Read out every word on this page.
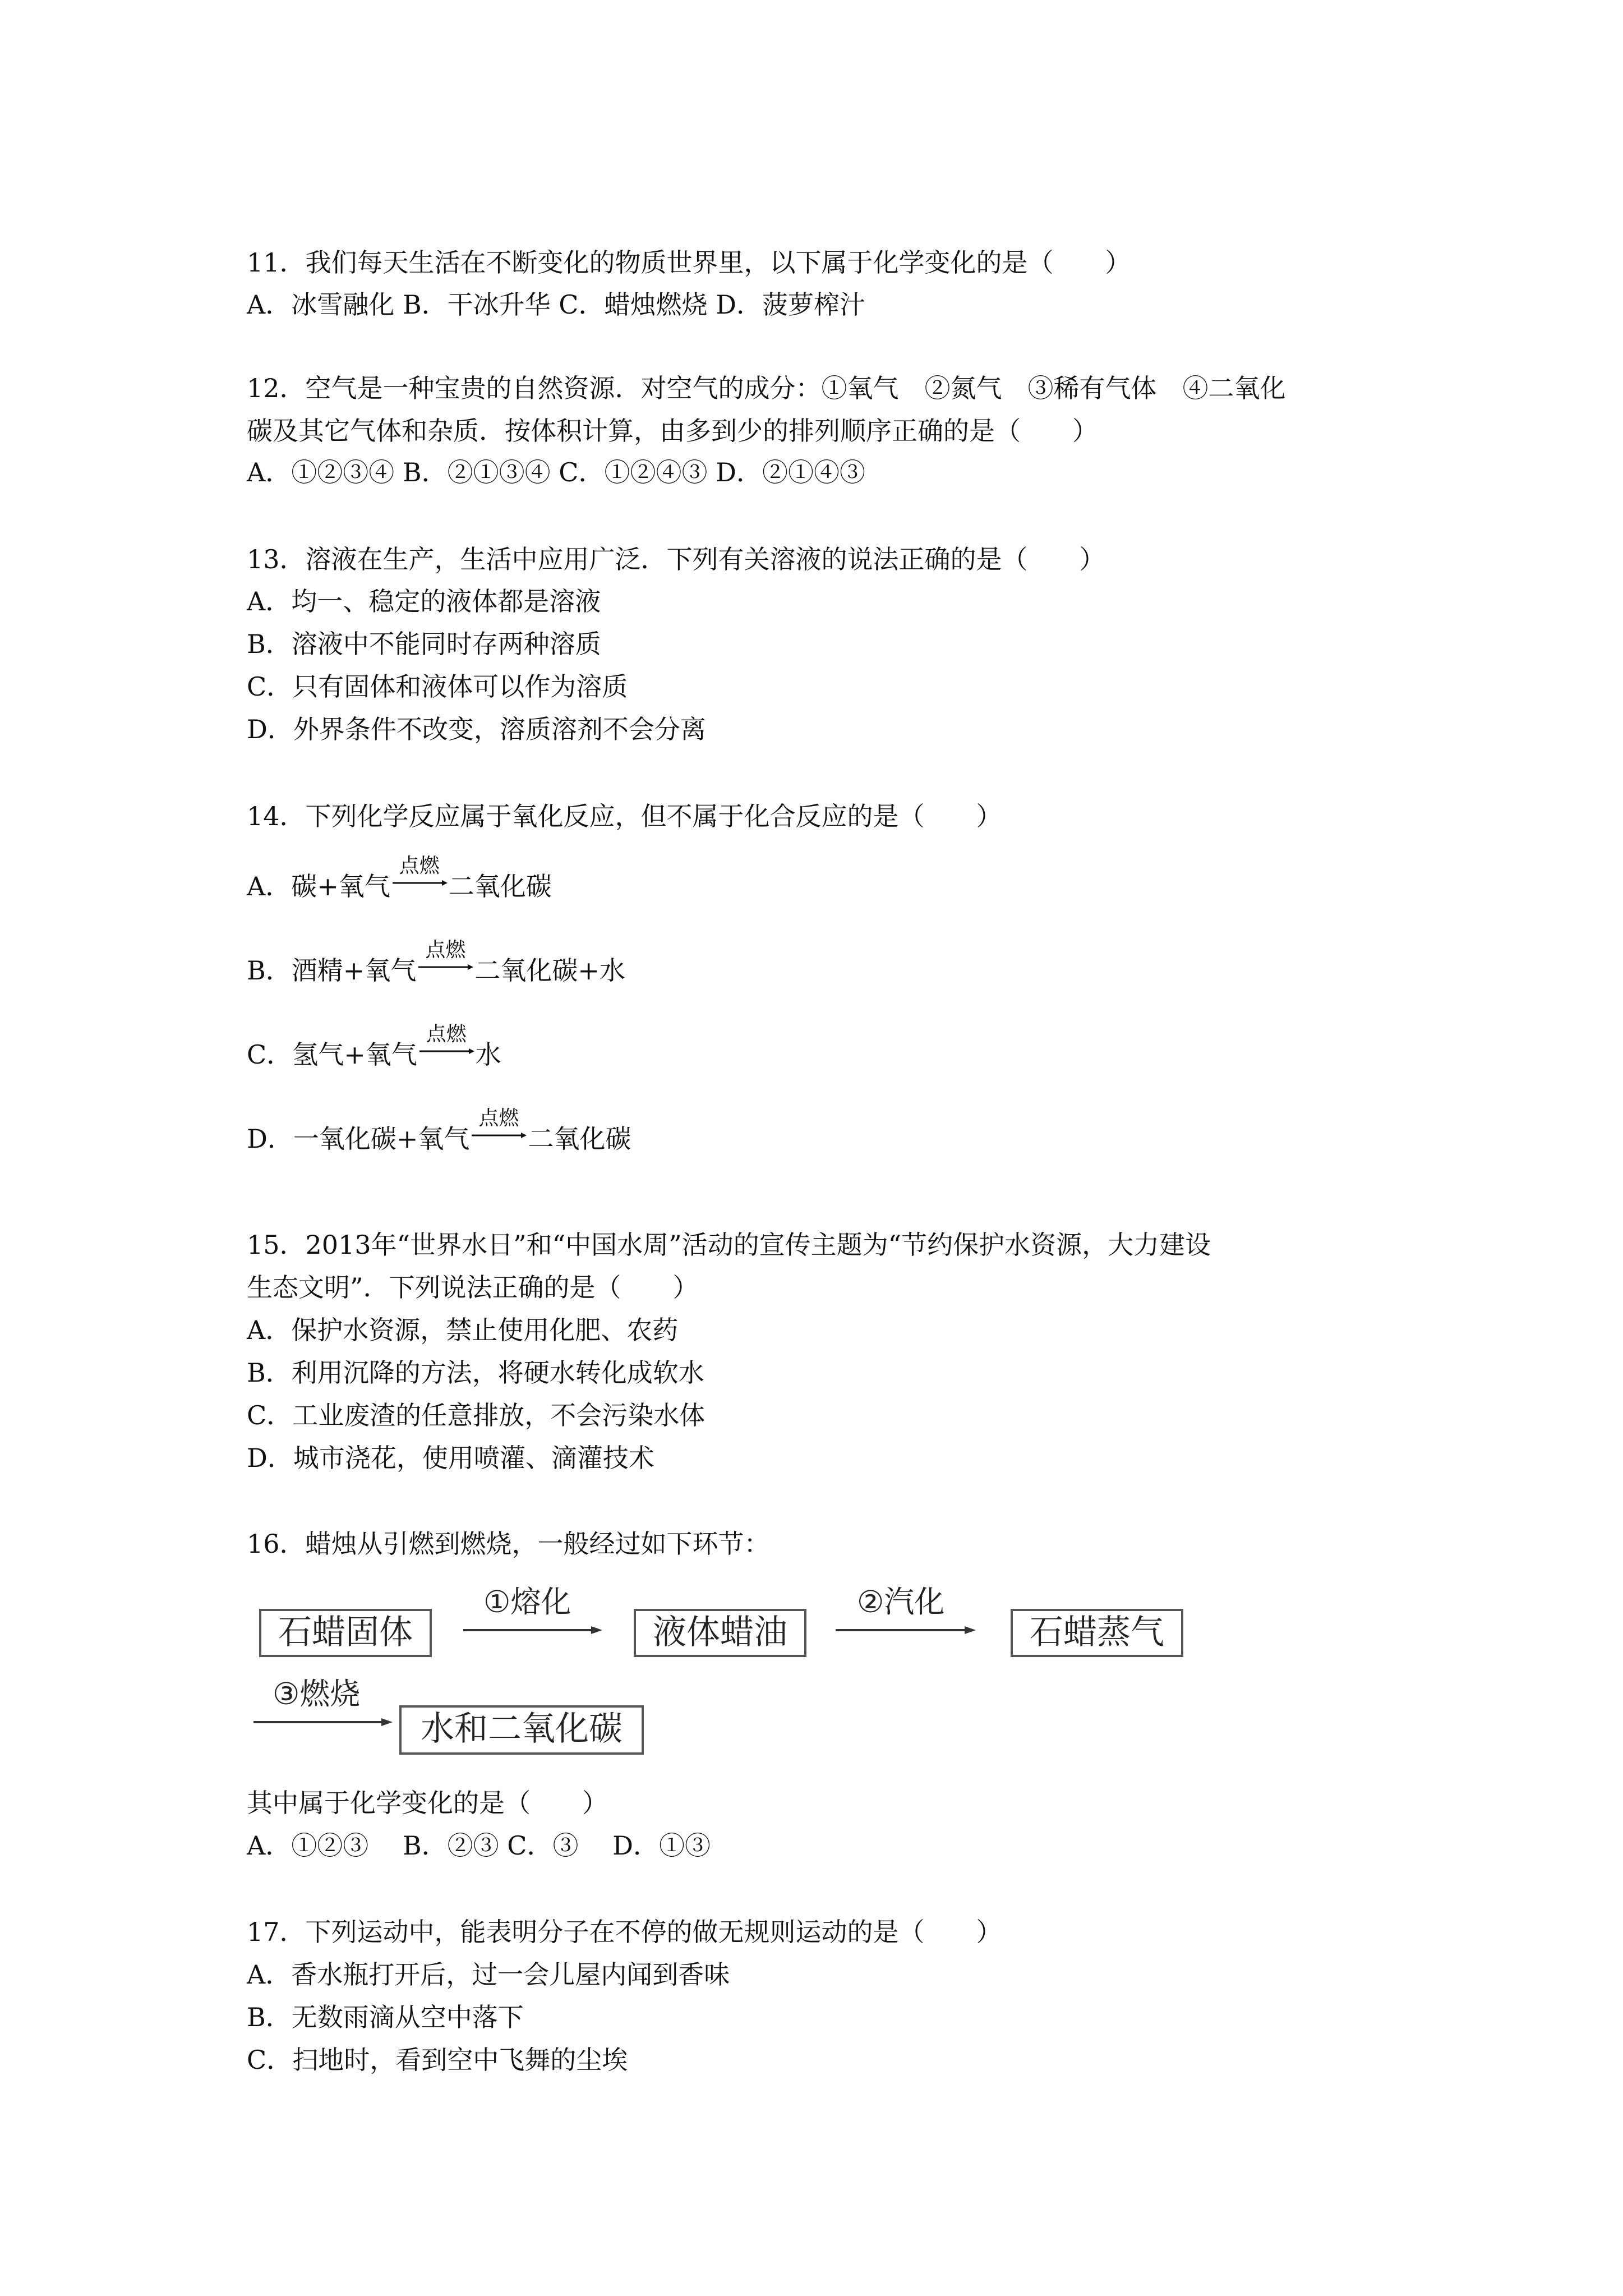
11．我们每天生活在不断变化的物质世界里，以下属于化学变化的是（　　）

A．冰雪融化 B．干冰升华 C．蜡烛燃烧 D．菠萝榨汁

12．空气是一种宝贵的自然资源．对空气的成分：①氧气　②氮气　③稀有气体　④二氧化

碳及其它气体和杂质．按体积计算，由多到少的排列顺序正确的是（　　）

A．①②③④ B．②①③④ C．①②④③ D．②①④③

13．溶液在生产，生活中应用广泛．下列有关溶液的说法正确的是（　　）

A．均一、稳定的液体都是溶液

B．溶液中不能同时存两种溶质

C．只有固体和液体可以作为溶质

D．外界条件不改变，溶质溶剂不会分离

14．下列化学反应属于氧化反应，但不属于化合反应的是（　　）

A．碳+氧气

点燃

二氧化碳
B．酒精+氧气

点燃

二氧化碳+水
C．氢气+氧气

点燃

水
D．一氧化碳+氧气

点燃

二氧化碳

15．2013年“世界水日”和“中国水周”活动的宣传主题为“节约保护水资源，大力建设

生态文明”．下列说法正确的是（　　）

A．保护水资源，禁止使用化肥、农药

B．利用沉降的方法，将硬水转化成软水

C．工业废渣的任意排放，不会污染水体

D．城市浇花，使用喷灌、滴灌技术

16．蜡烛从引燃到燃烧，一般经过如下环节：

石蜡固体
①熔化
液体蜡油
②汽化
石蜡蒸气
③燃烧
水和二氧化碳

其中属于化学变化的是（　　）

A．①②③　 B．②③ C．③　 D．①③

17．下列运动中，能表明分子在不停的做无规则运动的是（　　）

A．香水瓶打开后，过一会儿屋内闻到香味

B．无数雨滴从空中落下

C．扫地时，看到空中飞舞的尘埃
